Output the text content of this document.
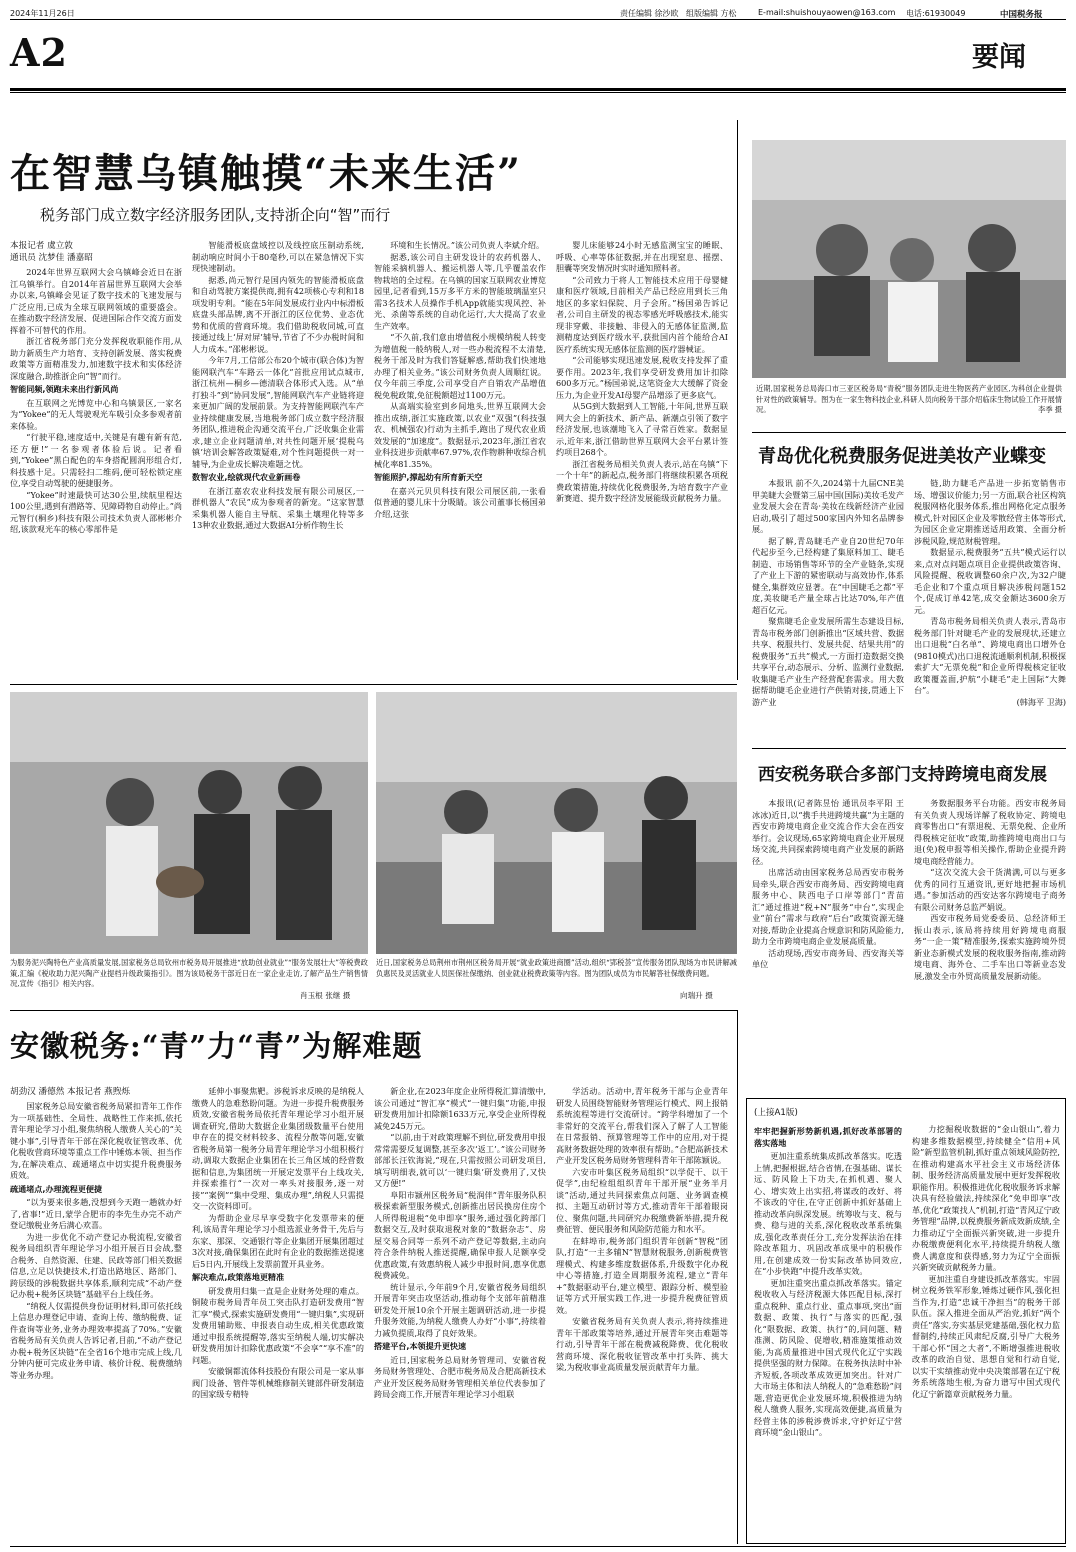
2024年11月26日	责任编辑 徐沙欧 组版编辑 方松	E-mail:shuishouyaowen@163.com 电话:61930049	中国税务报
A2	要闻
在智慧乌镇触摸“未来生活”
税务部门成立数字经济服务团队,支持浙企向“智”而行
本报记者 虞立敦
通讯员 沈梦佳 潘嘉昭

2024年世界互联网大会乌镇峰会近日在浙江乌镇举行。自2014年首届世界互联网大会举办以来,乌镇峰会见证了数字技术的飞速发展与广泛应用,已成为全球互联网领域的重要盛会。在推动数字经济发展、促进国际合作交流方面发挥着不可替代的作用。

浙江省税务部门充分发挥税收职能作用,从助力新质生产力培育、支持创新发展、落实税费政策等方面精准发力,加速数字技术和实体经济深度融合,助推浙企向“智”而行。

智能同频,领跑未来出行新风尚

在互联网之光博览中心和乌镇景区,一家名为“Yokee”的无人驾驶观光车吸引众多参观者前来体验。

“行驶平稳,速度适中,关键是有趣有新有范,还方便!”一名参观者体验后说。记者看到,“Yokee”黑白配色的车身搭配圆润形组合灯,科技感十足。只需轻扫二维码,便可轻松锁定座位,享受自动驾驶的便捷服务。

“Yokee”时速最快可达30公里,续航里程达100公里,遇到有潜路等、见障碍物自动停止。”尚元智行(桐乡)科技有限公司技术负责人邵彬彬介绍,该款观光车的核心零部件是

智能滑板底盘域控以及线控底压制动系统,制动响应时间小于80毫秒,可以在紧急情况下实现快速制动。

据悉,尚元智行是国内领先的智能滑板底盘和自动驾驶方案提供商,拥有42项核心专利和18项发明专利。“能在5年间发展成行业内中标滑板底盘头部品牌,离不开浙江的区位优势、业态优势和优质的营商环境。我们借助税收同城,可直接通过线上‘屏对屏’辅导,节省了不少办税时间和人力成本。”邵彬彬说。

今年7月,工信部公布20个城市(联合体)为智能网联汽车“车路云一体化”首批应用试点城市,浙江杭州—桐乡—德清联合体形式入选。从“单打独斗”到“协同发展”,智能网联汽车产业链将迎来更加广阔的发展前景。为支持智能网联汽车产业持续健康发展,当地税务部门成立数字经济服务团队,推进税企沟通交流平台,广泛收集企业需求,建立企业问题清单,对共性问题开展‘提税乌镇’培训会解答政策疑难,对个性问题提供一对一辅导,为企业成长解决难题之忧。

数智农业,绘就现代农业新画卷

在浙江嘉农农业科技发展有限公司展区,一群机器人“农民”成为参观者的新宠。“这家智慧采集机器人能自主导航、采集土壤理化特等多13种农业数据,通过大数据AI分析作物生长

环境和生长情况。”该公司负责人李斌介绍。

据悉,该公司自主研发设计的农药机器人、智能采摘机器人、搬运机器人等,几乎覆盖农作物栽培的全过程。在乌镇的国家互联网农业博览园里,记者看到,15万多平方米的智能玻璃温室只需3名技术人员操作手机App就能实现风控、补光、杀菌等系统的自动化运行,大大提高了农业生产效率。

“不久前,我们意由增值税小规模纳税人转变为增值税一般纳税人,对一些办税流程不太清楚,税务干部及时为我们答疑解惑,帮助我们快速地办理了相关业务。”该公司财务负责人周顺红说。仅今年前三季度,公司享受自产自销农产品增值税免税政策,免征税额超过1100万元。

从高端实验室到乡间地头,世界互联网大会推出成绩,浙江实施政策,以农业“双强”(科技强农、机械强农)行动为主抓手,跑出了现代农业质效发展的“加速度”。数据显示,2023年,浙江省农业科技进步贡献率67.97%,农作物耕种收综合机械化率81.35%。

智能照护,撑起幼有所育新天空

在嘉兴元贝贝科技有限公司展区前,一张看似普通的婴儿床十分吸睛。该公司董事长杨国弟介绍,这张

婴儿床能够24小时无感监测宝宝的睡眠、呼吸、心率等体征数据,并在出现窒息、摇摆、胆囊等突发情况时实时通知照料者。

“公司致力于将人工智能技术应用于母婴健康和医疗领域,目前相关产品已经应用到长三角地区的多家妇保院、月子会所。”杨国弟告诉记者,公司自主研发的视态零感光呼吸感技术,能实现非穿戴、非接触、非侵入的无感体征监测,监测精度达到医疗级水平,获批国内首个能给合AI医疗系统实现无感体征监测的医疗器械证。

“公司能够实现迅速发展,税收支持发挥了重要作用。2023年,我们享受研发费用加计扣除600多万元。”杨国弟说,这笔资金大大缓解了资金压力,为企业开发AI母婴产品增添了更多底气。

从5G到大数据到人工智能,十年间,世界互联网大会上的新技术、新产品、新潮点引领了数字经济发展,也该潮地飞入了寻常百姓家。数据显示,近年来,浙江借助世界互联网大会平台累计签约项目268个。

浙江省税务局相关负责人表示,站在乌镇“下一个十年”的新起点,税务部门将继续积累各项税费政策措施,持续优化税费服务,为培育数字产业新赛道、提升数字经济发展能级贡献税务力量。

近期,国家税务总局海口市三亚区税务局“青税”服务团队走进生物医药产业园区,为科创企业提供针对性的政策辅导。图为在一家生物科技企业,科研人员向税务干部介绍临床生物试验工作开展情况。	李季 摄
青岛优化税费服务促进美妆产业蝶变

本报讯 前不久,2024第十九届CNE美甲美睫大会暨第三届中国(国际)美妆毛发产业发展大会在青岛·美妆在线新经济产业园启动,吸引了超过500家国内外知名品牌参展。

据了解,青岛睫毛产业自20世纪70年代起步至今,已经构建了集原料加工、睫毛制造、市场销售等环节的全产业链条,实现了产业上下游的紧密联动与高效协作,体系健全,集群效应显著。在“中国睫毛之都”平度,美妆睫毛产量全球占比达70%,年产值超百亿元。

聚焦睫毛企业发展所需生态建设目标,青岛市税务部门创新推出“区域共营、数据共享、税服共行、发展共促、结果共用”的税费服务“五共”模式,一方面打造数据交换共享平台,动态展示、分析、监测行业数据,收集睫毛产业生产经营配套需求。用大数据帮助睫毛企业进行产供销对接,贯通上下游产业

链,助力睫毛产品进一步拓宽销售市场、增强议价能力;另一方面,联合社区构筑税服网格化服务体系,推出网格化定点服务模式,针对园区企业及零散经营主体等形式,为园区企业定期推送适用政策、全面分析涉税风险,规范财税管理。

数据显示,税费服务“五共”模式运行以来,点对点问题点项目企业提供政策咨询、风险提醒、税收调整60余户次,为32户睫毛企业和7个重点项目解决涉税问题152个,促成订单42笔,成交金额达3600余万元。

青岛市税务局相关负责人表示,青岛市税务部门针对睫毛产业的发展现状,还建立出口退税“白名单”、跨境电商出口增外仓(9810模式)出口退税流通顺利机制,积极探索扩大“无票免税”和企业所得税核定征收政策覆盖面,护航“小睫毛”走上国际“大舞台”。

(韩海平 卫海)

西安税务联合多部门支持跨境电商发展

本报讯(记者陈昱怡 通讯员李平阳 王冰冰)近日,以“携手共进跨境共赢”为主题的西安市跨境电商企业交流合作大会在西安举行。会议现场,65家跨境电商企业开展现场交流,共同探索跨境电商产业发展的新路径。

出席活动由国家税务总局西安市税务局牵头,联合西安市商务局、西安跨境电商服务中心、陕西电子口岸等部门“青苗汇”通过推进“税+N”服务“中台”,实现企业“前台”需求与政府“后台”政策资源无缝对接,帮助企业提高合规意识和防风险能力,助力全市跨境电商企业发展高质量。

活动现场,西安市商务局、西安海关等单位

务数据服务平台功能。西安市税务局有关负责人现场详解了税收协定、跨境电商零售出口“有票退税、无票免税、企业所得税核定征收”政策,助推跨境电商出口与退(免)税申报等相关操作,帮助企业提升跨境电商经营能力。

“这次交流大会干货满满,可以与更多优秀的同行互通资讯,更好地把握市场机遇。”参加活动的西安达客尔跨境电子商务有限公司财务总监严娟说。

西安市税务局党委委员、总经济师王振山表示,该局将持续用好跨境电商服务“一企一策”精准服务,探索实施跨境外贸新业态新模式发展的税收服务指南,推动跨境电商、海外仓、二手车出口等新业态发展,激发全市外贸高质量发展新动能。

为服务泥兴陶特色产业高质量发展,国家税务总局钦州市税务局开展推进“放助创业就业”“服务发展壮大”等税费政策,汇编《税收助力泥兴陶产业提档升级政策指引》。图为该局税务干部近日在一家企业走访,了解产品生产销售情况,宣传《指引》相关内容。
肖玉根 张继 摄
近日,国家税务总局荆州市荆州区税务局开展“就业政策进商圈”活动,组织“郢税荟”宣传服务团队现场为市民讲解减负惠民及灵活就业人员医保社保缴纳、创业就业税费政策等内容。图为团队成员为市民解答社保缴费问题。
向瑞升 摄
安徽税务:“青”力“青”为解难题
胡劲汉 潘德然 本报记者 燕煦烁

国家税务总局安徽省税务局紧扣青年工作作为一项基础性、全局性、战略性工作来抓,依托青年理论学习小组,聚焦纳税人缴费人关心的“关键小事”,引导青年干部在深化税收征管改革、优化税收营商环境等重点工作中锤炼本领、担当作为,在解决难点、疏通堵点中切实提升税费服务质效。

疏通堵点,办理流程更便捷

“以为要来很多趟,没想到今天跑一趟就办好了,省事!”近日,蒙学合肥市的李先生办完不动产登记缴税业务后满心欢喜。

为进一步优化不动产登记办税流程,安徽省税务局组织青年理论学习小组开展百日会战,整合税务、自然资源、住建、民政等部门相关数据信息,立足以快捷技术,打造出路地区、路部门、跨层级的涉税数据共享体系,顺利完成“不动产登记办税+税务区块链”基础平台上线任务。

“纳税人仅需提供身份证明材料,即可依托线上信息办理登记申请、查询上传、缴纳税费、证件查询等业务,业务办理效率提高了70%。”安徽省税务局有关负责人告诉记者,目前,“不动产登记办税+税务区块链”在全省16个地市完成上线,几分钟内便可完成业务申请、核价计税、税费缴纳等业务办理。

延伸小事聚焦靶。涉税诉求反映的是纳税人缴费人的急难愁盼问题。为进一步提升税费服务质效,安徽省税务局依托青年理论学习小组开展调查研究,借助大数据企业集团级数量平台使用申存在的提交材料较多、流程分散等问题,安徽省税务局第一税务分局青年理论学习小组积极行动,调取大数据企业集团在长三角区域的经营数据和信息,为集团统一开展定发票平台上线攻关,并探索推行“一次对一率头对接服务,逐一对接”“案例”“集中受理、集成办理”,纳税人只需提交一次资料即可。

为帮助企业尽早享受数字化发票带来的便利,该局青年理论学习小组选派业务骨干,先后与东家、那深、交通银行等企业集团开展集团超过3次对接,确保集团在此时有企业的数据推送提速后5日内,开展线上发票前置开具业务。

解决难点,政策落地更精准

研发费用归集一直是企业财务处理的难点。铜陵市税务局青年员工突击队打造研发费用“智汇享”模式,探索实施研发费用“一键归集”,实现研发费用辅助账、申报表自动生成,相关优惠政策通过申报系统提醒等,落实至纳税人端,切实解决研发费用加计扣除优惠政策“不会享”“享不准”的问题。

安徽铜都流体科技股份有限公司是一家从事阀门设备、管件等机械维修制关键部件研发制造的国家级专精特

新企业,在2023年度企业所得税汇算清缴中,该公司通过“智汇享”模式“一键归集”功能,申报研发费用加计扣除额1633万元,享受企业所得税减免245万元。

“以前,由于对政策理解不到位,研发费用申报常常需要反复调整,甚至多次‘返工’。”该公司财务部部长汪钦海说,“现在,只需按照公司研发项目,填写明细表,就可以‘一键归集’研发费用了,又快又方便!”

阜阳市颍州区税务局“税润伴”青年服务队积极探索新型服务模式,创新推出居民换房住房个人所得税退税“免申即享”服务,通过强化跨部门数据交互,及时获取退税对象的“数据杂志”、房屋交易合同等一系列不动产登记等数据,主动向符合条件纳税人推送提醒,确保申报人足额享受优惠政策,有效惠纳税人减少申报时间,惠享优惠税费减免。

统计显示,今年前9个月,安徽省税务局组织开展青年突击攻坚活动,推动每个支部年前精准研发处开展10余个开展主题调研活动,进一步提升服务效能,为纳税人缴费人办好“小事”,持续着力减负提质,取得了良好效果。

搭建平台,本领提升更快速

近日,国家税务总局财务管理司、安徽省税务局财务管理处、合肥市税务局及合肥高新技术产业开发区税务局财务管理相关单位代表参加了跨局会商工作,开展青年理论学习小组联

学活动。活动中,青年税务干部与企业青年研发人员围绕智能财务管理运行模式、网上报销系统流程等进行交流研讨。“跨学科增加了一个非常好的交流平台,帮我们深入了解了人工智能在日常报销、预算管理等工作中的应用,对于提高财务数据处理的效率很有帮助。”合肥高新技术产业开发区税务局财务管理科青年干部陈颖说。

六安市叶集区税务局组织“以学促干、以干促学”,由纪检组组织青年干部开展“业务半月谈”活动,通过共同探索焦点问题、业务调查模拟、主题互动研讨等方式,推动青年干部着眼岗位、聚焦问题,共同研究办税缴费新举措,提升税费征管、便民服务和风险防范能力和水平。

在蚌埠市,税务部门组织青年创新“智税”团队,打造“一主多辅N”智慧财税服务,创新税费管理模式、构建多维度数据体系,升级数字化办税中心等措施,打造全周期服务流程,建立“青年+”数据驱动平台,建立模型、跟踪分析、模型验证等方式开展实践工作,进一步提升税费征管质效。

安徽省税务局有关负责人表示,将持续推进青年干部政策等培养,通过开展青年突击难题等行动,引导青年干部在税费减税降费、优化税收营商环境、深化税收征管改革中打头阵、挑大梁,为税收事业高质量发展贡献青年力量。

(上接A1版)

牢牢把握新形势新机遇,抓好改革部署的落实落地

更加注重系统集成抓改革落实。吃透上情,把握根据,结合省情,在强基础、谋长远、防风险上下功夫,在抓机遇、聚人心、增实效上出实招,将谋改的改好、将不该改的守住,在守正创新中抓好基础上推动改革向纵深发展。统筹收与支、税与费、稳与进的关系,深化税收改革系统集成,强化改革责任分工,充分发挥法治在排除改革阻力、巩固改革成果中的积极作用,在创建成效一份实际改革协同效应,在“小步快跑”中提升改革实效。

更加注重突出重点抓改革落实。锚定税收收入与经济税源大体匹配目标,深打重点税种、重点行业、重点事项,突出“面数据、政策、执行”与落实的匹配,强化“限数据、政策、执行”的,同问题、精准测、防风险、促增收,精准施策推动效能,为高质量推进中国式现代化辽宁实践提供坚强的财力保障。在税务执法时中补齐短板,各项改革成效更加突出。针对广大市场主体和法人纳税人的“急难愁盼”问题,营造更优企业发展环境,积极推进为纳税人缴费人服务,实现高效便捷,高质量为经营主体的涉税涉费诉求,守护好辽宁营商环境“金山银山”。

力挖掘税收数据的“金山银山”,着力构建多维数据模型,持续健全“信用+风险”新型监管机制,抓好重点领域风险防控,在推动构建高水平社会主义市场经济体制、服务经济高质量发展中更好发挥税收职能作用。积极推进优化税收服务诉求解决具有经验做法,持续深化“免申即享”改革,优化“政策找人”机制,打造“青风辽宁政务管理”品牌,以税费服务新成效新成绩,全力推动辽宁全面振兴新突破,进一步提升办税缴费便利化水平,持续提升纳税人缴费人满意度和获得感,努力为辽宁全面振兴新突破贡献税务力量。

更加注重自身建设抓改革落实。牢固树立税务铁军形象,锤炼过硬作风,强化担当作为,打造“忠诚干净担当”的税务干部队伍。深入推进全面从严治党,抓好“两个责任”落实,夯实基层党建基础,强化权力监督制约,持续正风肃纪反腐,引导广大税务干部心怀“国之大者”,不断增强推进税收改革的政治自觉、思想自觉和行动自觉,以实干实绩推动党中央决策部署在辽宁税务系统落地生根,为奋力谱写中国式现代化辽宁新篇章贡献税务力量。
